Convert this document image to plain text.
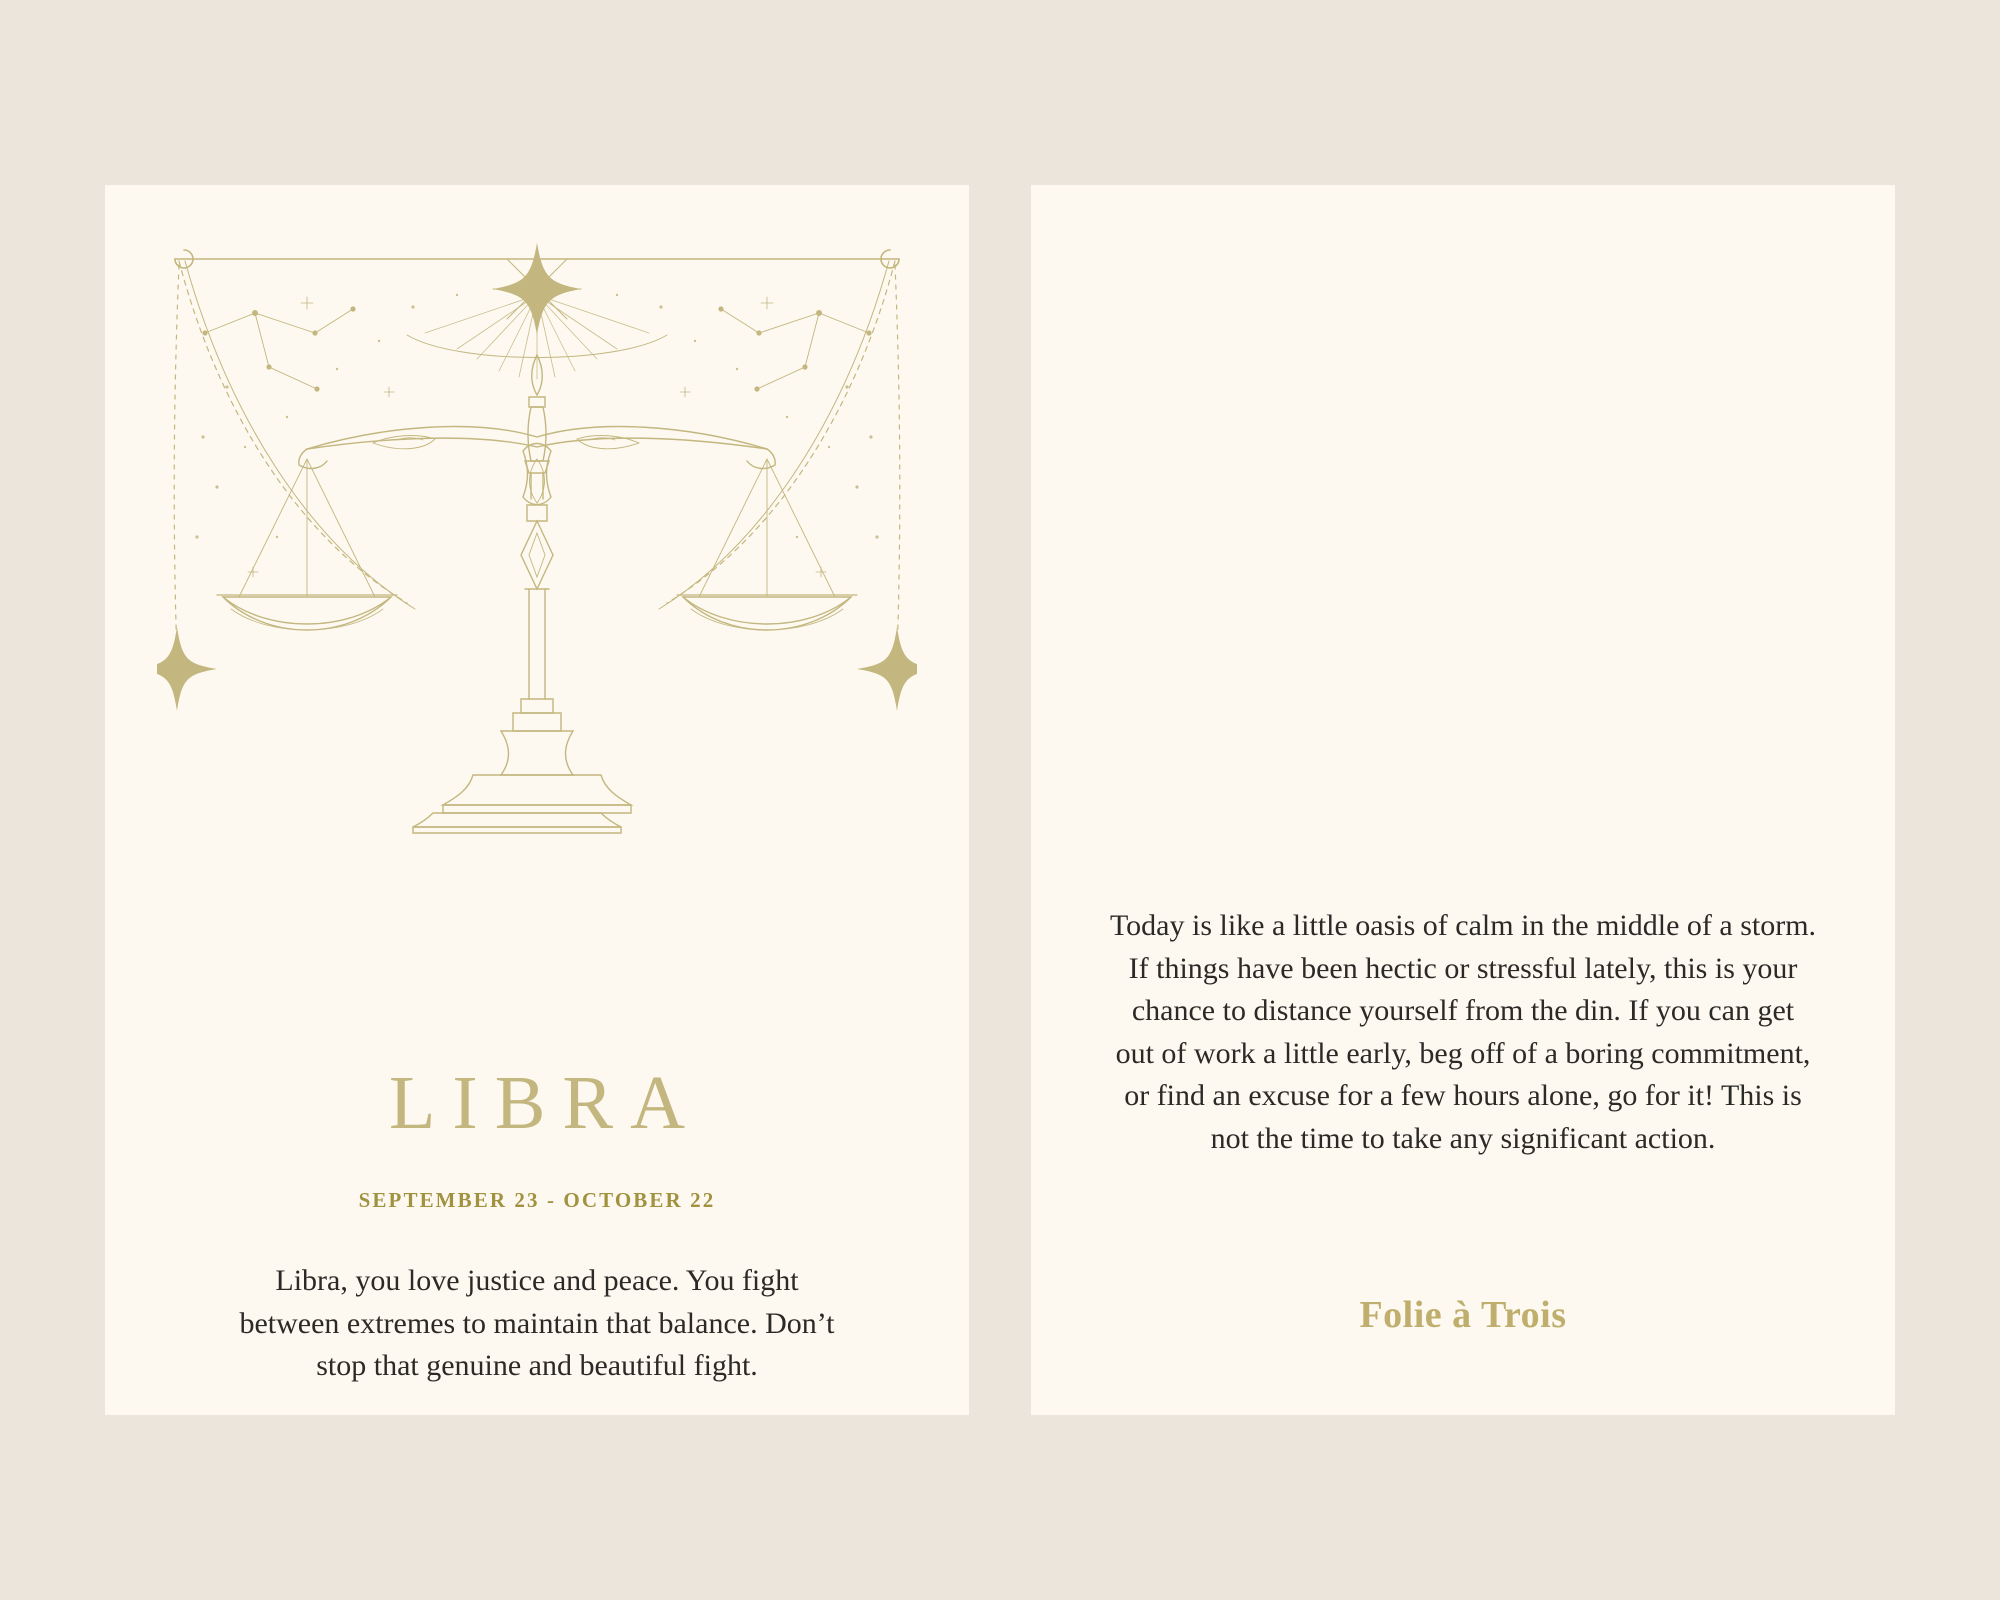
LIBRA
SEPTEMBER 23 - OCTOBER 22
Libra, you love justice and peace. You fight between extremes to maintain that balance. Don’t stop that genuine and beautiful fight.
Today is like a little oasis of calm in the middle of a storm. If things have been hectic or stressful lately, this is your chance to distance yourself from the din. If you can get out of work a little early, beg off of a boring commitment, or find an excuse for a few hours alone, go for it! This is not the time to take any significant action.
Folie à Trois
